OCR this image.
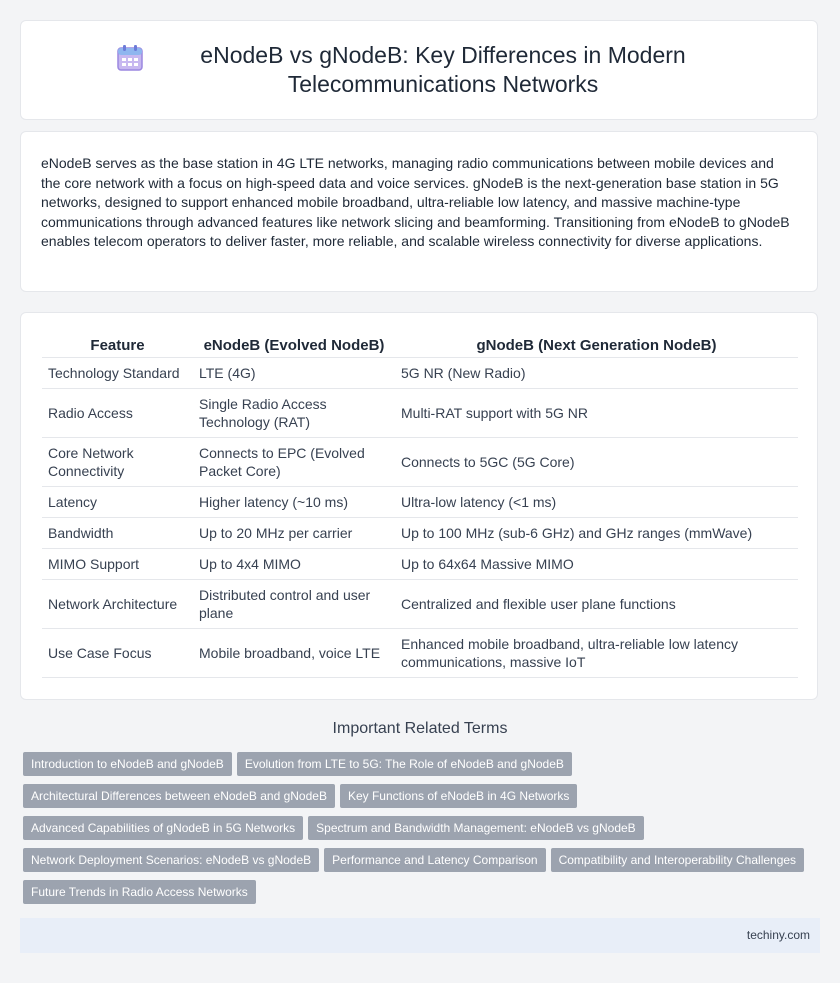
eNodeB vs gNodeB: Key Differences in Modern Telecommunications Networks

eNodeB serves as the base station in 4G LTE networks, managing radio communications between mobile devices and the core network with a focus on high-speed data and voice services. gNodeB is the next-generation base station in 5G networks, designed to support enhanced mobile broadband, ultra-reliable low latency, and massive machine-type communications through advanced features like network slicing and beamforming. Transitioning from eNodeB to gNodeB enables telecom operators to deliver faster, more reliable, and scalable wireless connectivity for diverse applications.

Feature	eNodeB (Evolved NodeB)	gNodeB (Next Generation NodeB)
Technology Standard	LTE (4G)	5G NR (New Radio)
Radio Access	Single Radio Access Technology (RAT)	Multi-RAT support with 5G NR
Core Network Connectivity	Connects to EPC (Evolved Packet Core)	Connects to 5GC (5G Core)
Latency	Higher latency (~10 ms)	Ultra-low latency (<1 ms)
Bandwidth	Up to 20 MHz per carrier	Up to 100 MHz (sub-6 GHz) and GHz ranges (mmWave)
MIMO Support	Up to 4x4 MIMO	Up to 64x64 Massive MIMO
Network Architecture	Distributed control and user plane	Centralized and flexible user plane functions
Use Case Focus	Mobile broadband, voice LTE	Enhanced mobile broadband, ultra-reliable low latency communications, massive IoT
Important Related Terms
Introduction to eNodeB and gNodeB Evolution from LTE to 5G: The Role of eNodeB and gNodeB
Architectural Differences between eNodeB and gNodeB Key Functions of eNodeB in 4G Networks
Advanced Capabilities of gNodeB in 5G Networks Spectrum and Bandwidth Management: eNodeB vs gNodeB
Network Deployment Scenarios: eNodeB vs gNodeB Performance and Latency Comparison Compatibility and Interoperability Challenges
Future Trends in Radio Access Networks
techiny.com
